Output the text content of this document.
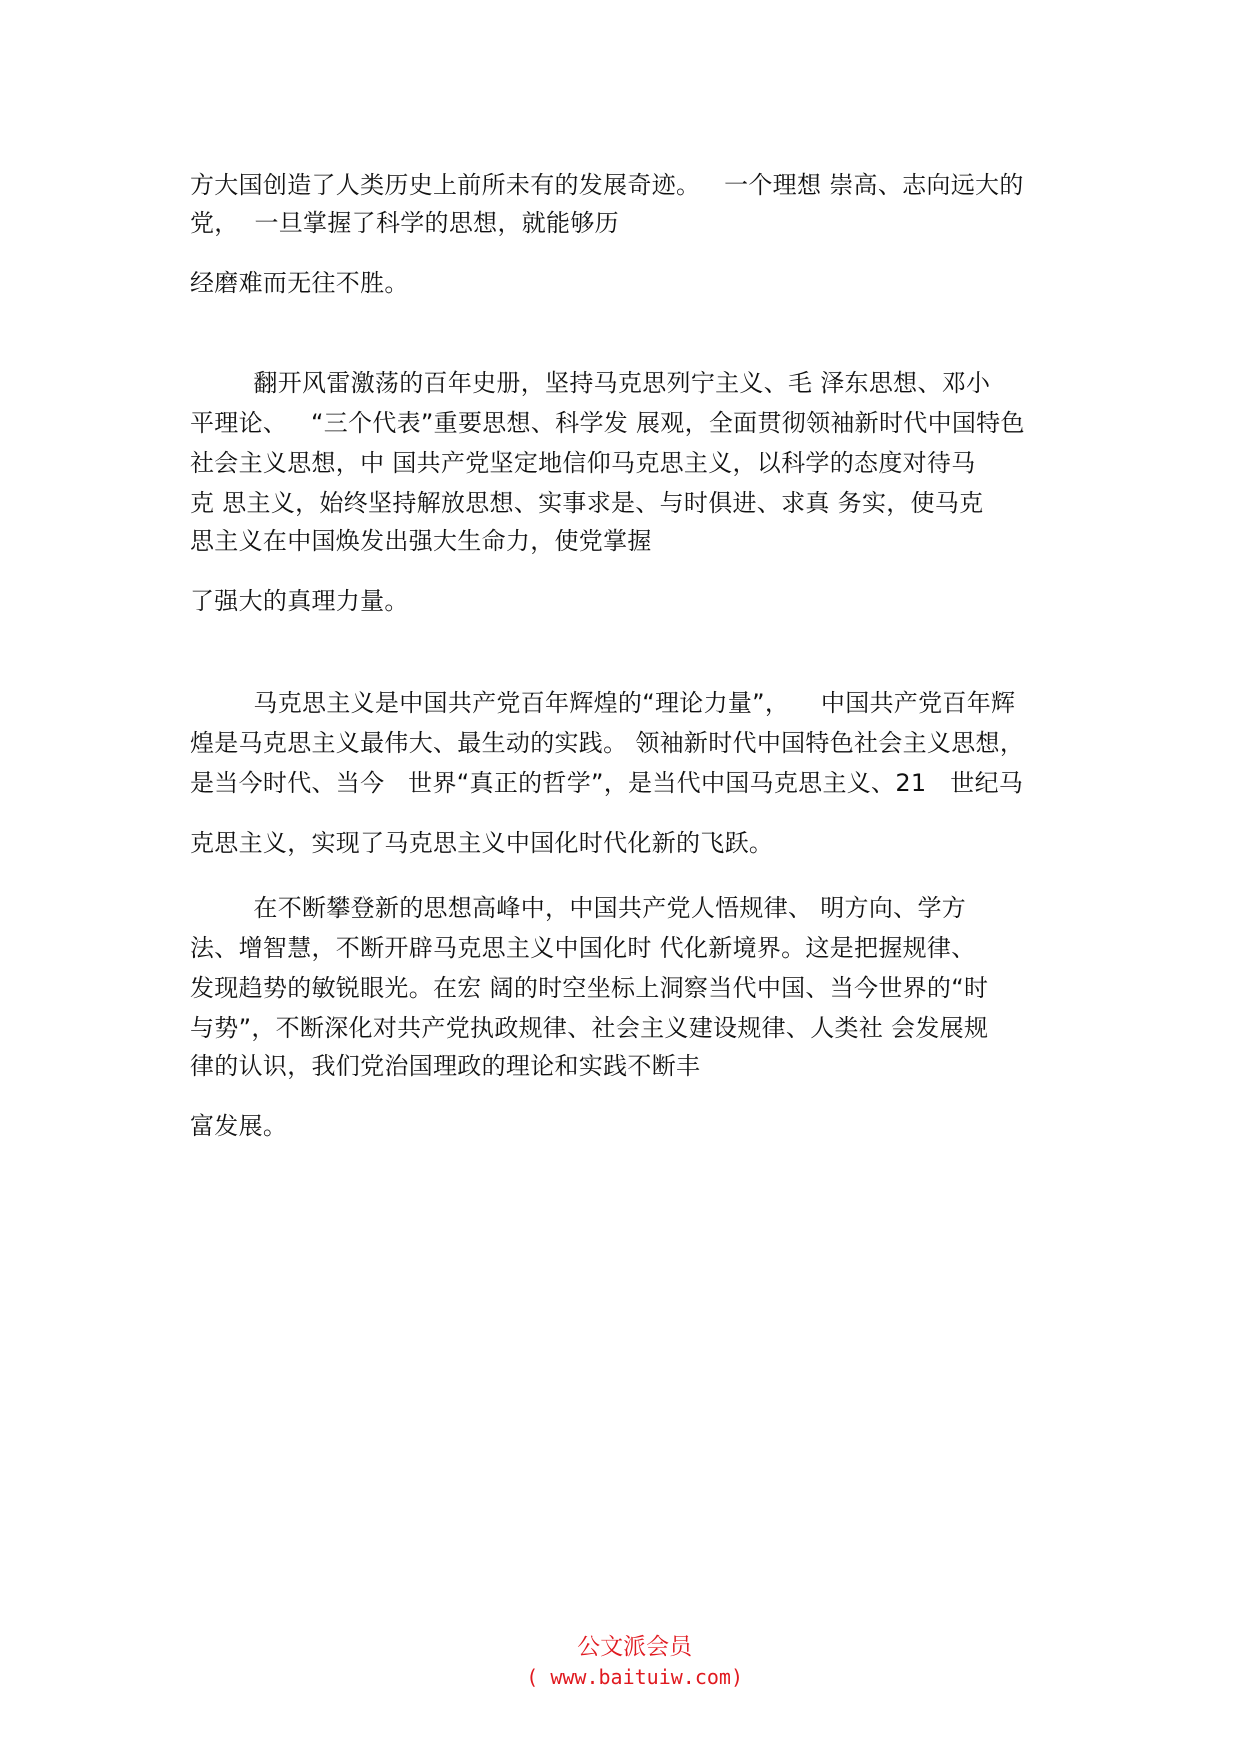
方大国创造了人类历史上前所未有的发展奇迹。   一个理想 崇高、志向远大的
党，  一旦掌握了科学的思想，就能够历
经磨难而无往不胜。
翻开风雷激荡的百年史册，坚持马克思列宁主义、毛 泽东思想、邓小
平理论、   “三个代表”重要思想、科学发 展观，全面贯彻领袖新时代中国特色
社会主义思想，中 国共产党坚定地信仰马克思主义，以科学的态度对待马
克 思主义，始终坚持解放思想、实事求是、与时俱进、求真 务实，使马克
思主义在中国焕发出强大生命力，使党掌握
了强大的真理力量。
马克思主义是中国共产党百年辉煌的“理论力量”，    中国共产党百年辉
煌是马克思主义最伟大、最生动的实践。 领袖新时代中国特色社会主义思想，
是当今时代、当今   世界“真正的哲学”，是当代中国马克思主义、21   世纪马
克思主义，实现了马克思主义中国化时代化新的飞跃。
在不断攀登新的思想高峰中，中国共产党人悟规律、 明方向、学方
法、增智慧，不断开辟马克思主义中国化时 代化新境界。这是把握规律、
发现趋势的敏锐眼光。在宏 阔的时空坐标上洞察当代中国、当今世界的“时
与势”，不断深化对共产党执政规律、社会主义建设规律、人类社 会发展规
律的认识，我们党治国理政的理论和实践不断丰
富发展。

公文派会员
( www.baituiw.com)
